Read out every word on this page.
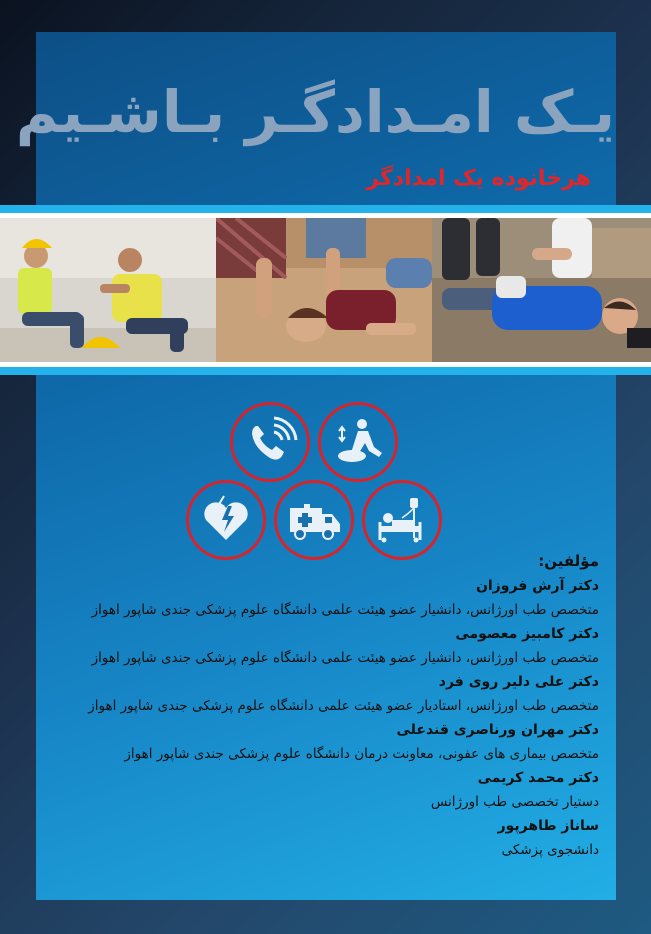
یـک امـدادگـر بـاشـیم
هرخانوده یک امدادگر
مؤلفین:
دکتر آرش فروزان
متخصص طب اورژانس، دانشیار عضو هیئت علمی دانشگاه علوم پزشکی جندی شاپور اهواز
دکتر کامبیز معصومی
متخصص طب اورژانس، دانشیار عضو هیئت علمی دانشگاه علوم پزشکی جندی شاپور اهواز
دکتر علی دلیر روی فرد
متخصص طب اورژانس، استادیار عضو هیئت علمی دانشگاه علوم پزشکی جندی شاپور اهواز
دکتر مهران ورناصری قندعلی
متخصص بیماری های عفونی، معاونت درمان دانشگاه علوم پزشکی جندی شاپور اهواز
دکتر محمد کریمی
دستیار تخصصی طب اورژانس
ساناز طاهرپور
دانشجوی پزشکی
